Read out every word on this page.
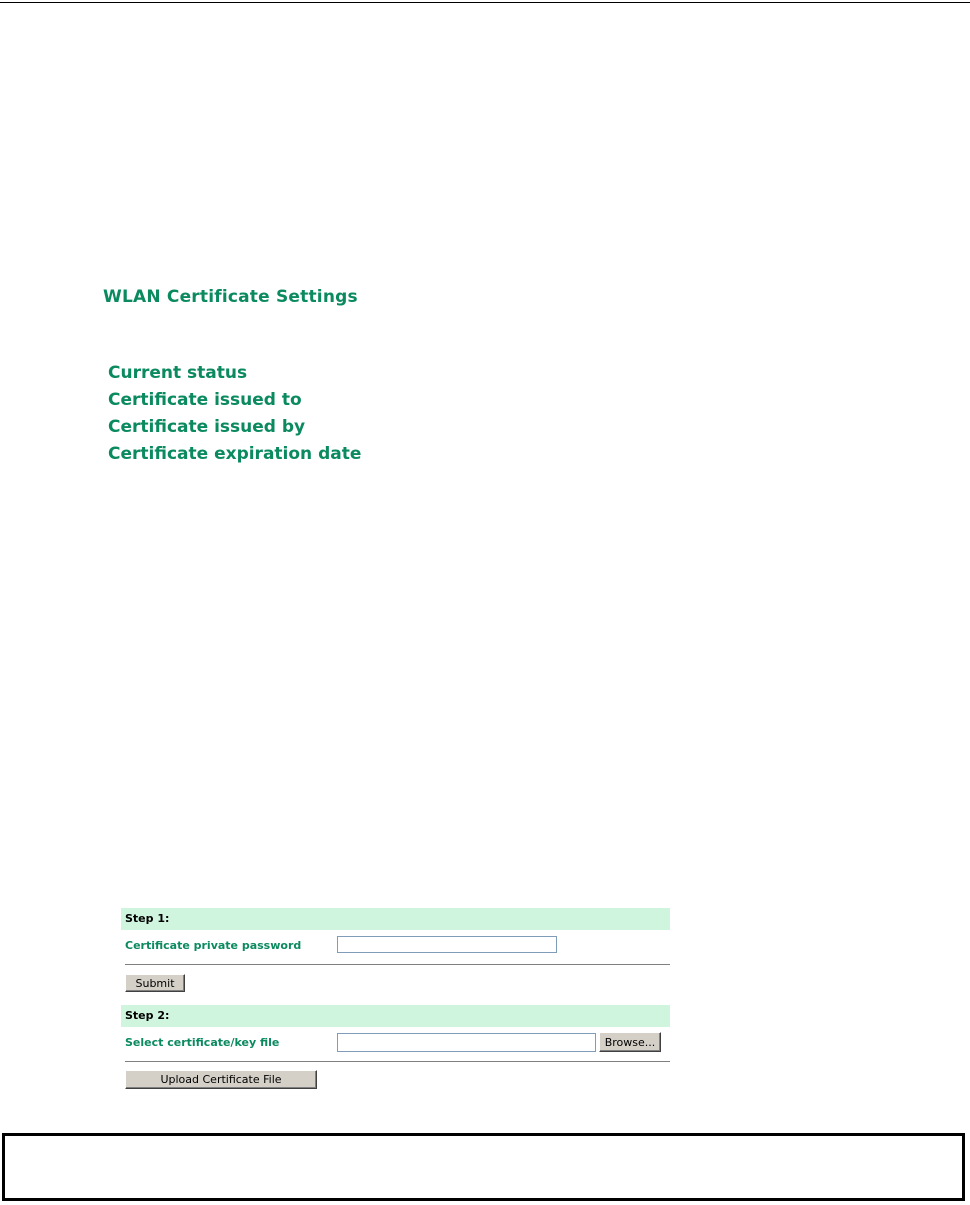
WLAN Certificate Settings
Current status
Certificate issued to
Certificate issued by
Certificate expiration date
Step 1:
Certificate private password
Submit
Step 2:
Select certificate/key file	Browse...
Upload Certificate File
